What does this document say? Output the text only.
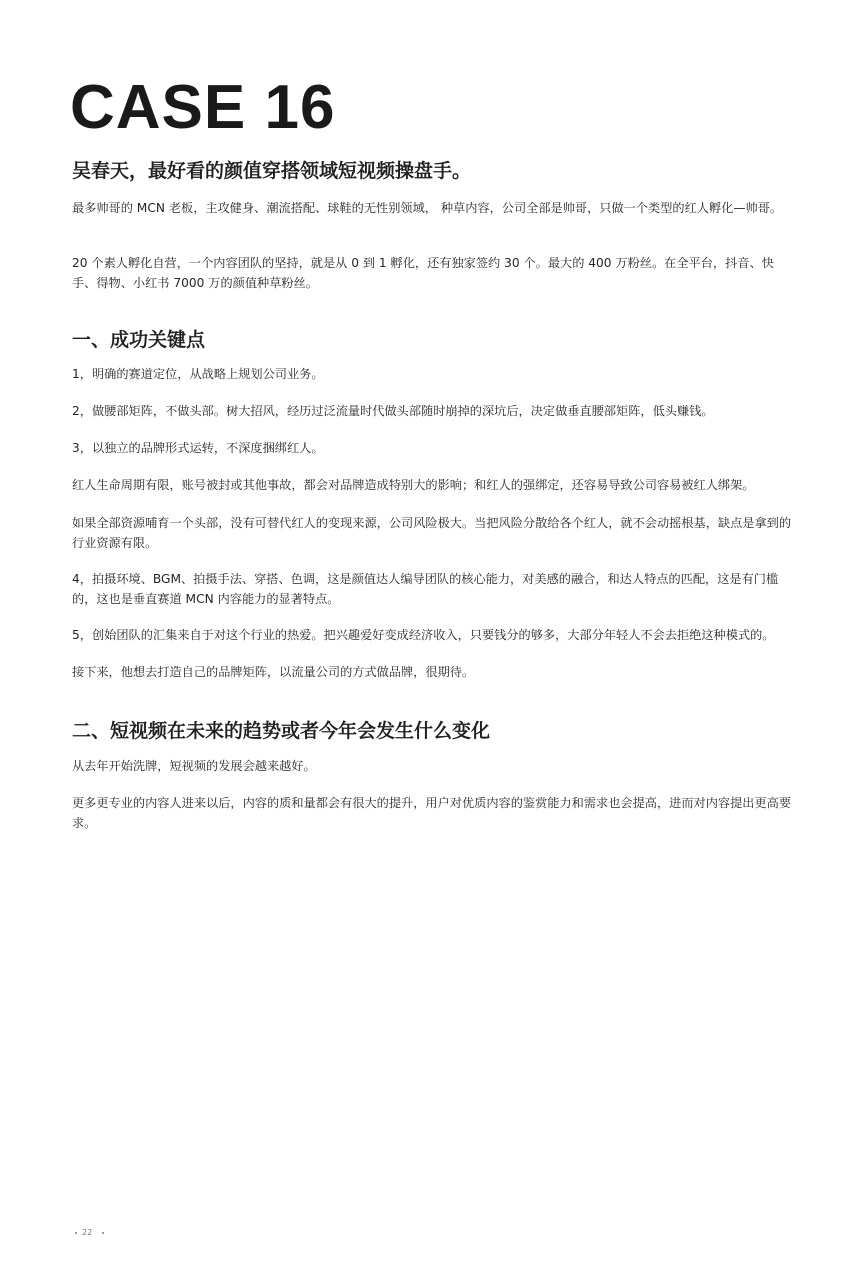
CASE 16
吴春天，最好看的颜值穿搭领域短视频操盘手。

最多帅哥的 MCN 老板，主攻健身、潮流搭配、球鞋的无性别领域， 种草内容，公司全部是帅哥，只做一个类型的红人孵化—帅哥。

20 个素人孵化自营，一个内容团队的坚持，就是从 0 到 1 孵化，还有独家签约 30 个。最大的 400 万粉丝。在全平台，抖音、快手、得物、小红书 7000 万的颜值种草粉丝。

一、成功关键点

1，明确的赛道定位，从战略上规划公司业务。

2，做腰部矩阵，不做头部。树大招风，经历过泛流量时代做头部随时崩掉的深坑后，决定做垂直腰部矩阵，低头赚钱。

3，以独立的品牌形式运转，不深度捆绑红人。

红人生命周期有限，账号被封或其他事故，都会对品牌造成特别大的影响；和红人的强绑定，还容易导致公司容易被红人绑架。

如果全部资源哺育一个头部，没有可替代红人的变现来源，公司风险极大。当把风险分散给各个红人，就不会动摇根基，缺点是拿到的行业资源有限。

4，拍摄环境、BGM、拍摄手法、穿搭、色调，这是颜值达人编导团队的核心能力，对美感的融合，和达人特点的匹配，这是有门槛的，这也是垂直赛道 MCN 内容能力的显著特点。

5，创始团队的汇集来自于对这个行业的热爱。把兴趣爱好变成经济收入，只要钱分的够多，大部分年轻人不会去拒绝这种模式的。

接下来，他想去打造自己的品牌矩阵，以流量公司的方式做品牌，很期待。

二、短视频在未来的趋势或者今年会发生什么变化

从去年开始洗牌，短视频的发展会越来越好。

更多更专业的内容人进来以后，内容的质和量都会有很大的提升，用户对优质内容的鉴赏能力和需求也会提高，进而对内容提出更高要求。

22
